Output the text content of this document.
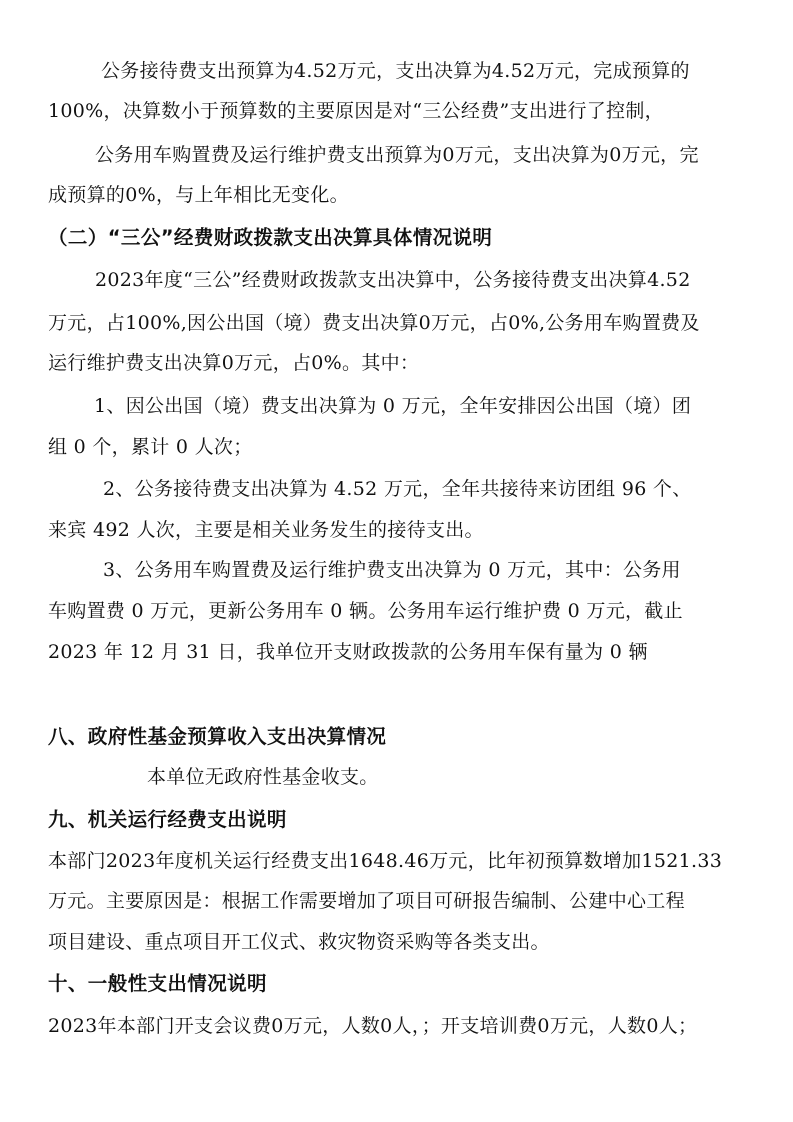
公务接待费支出预算为4.52万元，支出决算为4.52万元，完成预算的
100%，决算数小于预算数的主要原因是对“三公经费”支出进行了控制，
公务用车购置费及运行维护费支出预算为0万元，支出决算为0万元，完
成预算的0%，与上年相比无变化。
（二）“三公”经费财政拨款支出决算具体情况说明
2023年度“三公”经费财政拨款支出决算中，公务接待费支出决算4.52
万元，占100%,因公出国（境）费支出决算0万元，占0%,公务用车购置费及
运行维护费支出决算0万元，占0%。其中：
1、因公出国（境）费支出决算为 0 万元，全年安排因公出国（境）团
组 0 个，累计 0 人次；
2、公务接待费支出决算为 4.52 万元，全年共接待来访团组 96 个、
来宾 492 人次，主要是相关业务发生的接待支出。
3、公务用车购置费及运行维护费支出决算为 0 万元，其中：公务用
车购置费 0 万元，更新公务用车 0 辆。公务用车运行维护费 0 万元，截止
2023 年 12 月 31 日，我单位开支财政拨款的公务用车保有量为 0 辆
八、政府性基金预算收入支出决算情况
本单位无政府性基金收支。
九、机关运行经费支出说明
本部门2023年度机关运行经费支出1648.46万元，比年初预算数增加1521.33
万元。主要原因是：根据工作需要增加了项目可研报告编制、公建中心工程
项目建设、重点项目开工仪式、救灾物资采购等各类支出。
十、一般性支出情况说明
2023年本部门开支会议费0万元，人数0人，；开支培训费0万元，人数0人；
